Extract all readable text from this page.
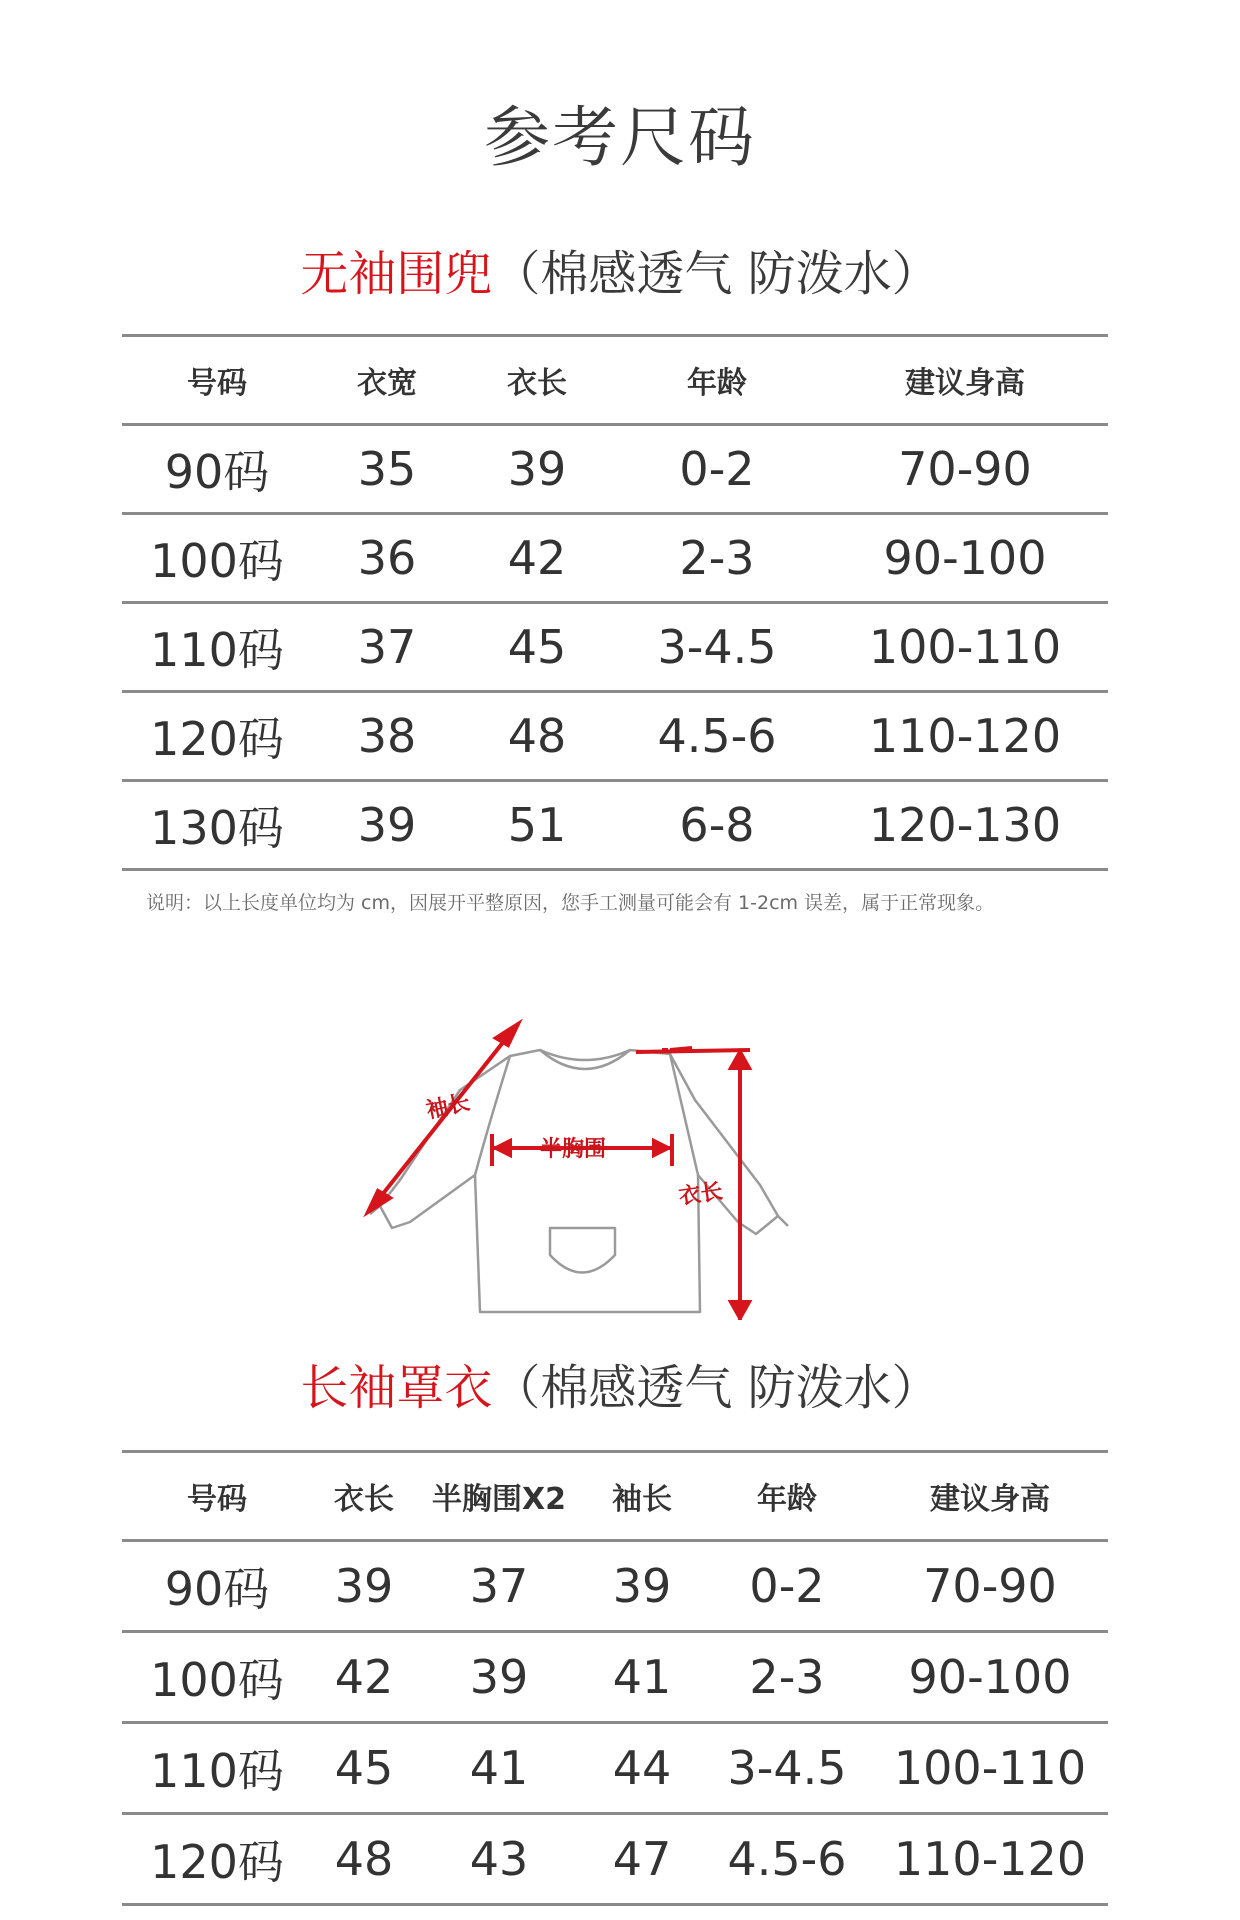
参考尺码
无袖围兜（棉感透气 防泼水）
号码	衣宽	衣长	年龄	建议身高
90码	35	39	0-2	70-90
100码	36	42	2-3	90-100
110码	37	45	3-4.5	100-110
120码	38	48	4.5-6	110-120
130码	39	51	6-8	120-130
说明：以上长度单位均为 cm，因展开平整原因，您手工测量可能会有 1-2cm 误差，属于正常现象。
袖长
半胸围
衣长
长袖罩衣（棉感透气 防泼水）
号码	衣长	半胸围X2	袖长	年龄	建议身高
90码	39	37	39	0-2	70-90
100码	42	39	41	2-3	90-100
110码	45	41	44	3-4.5	100-110
120码	48	43	47	4.5-6	110-120
